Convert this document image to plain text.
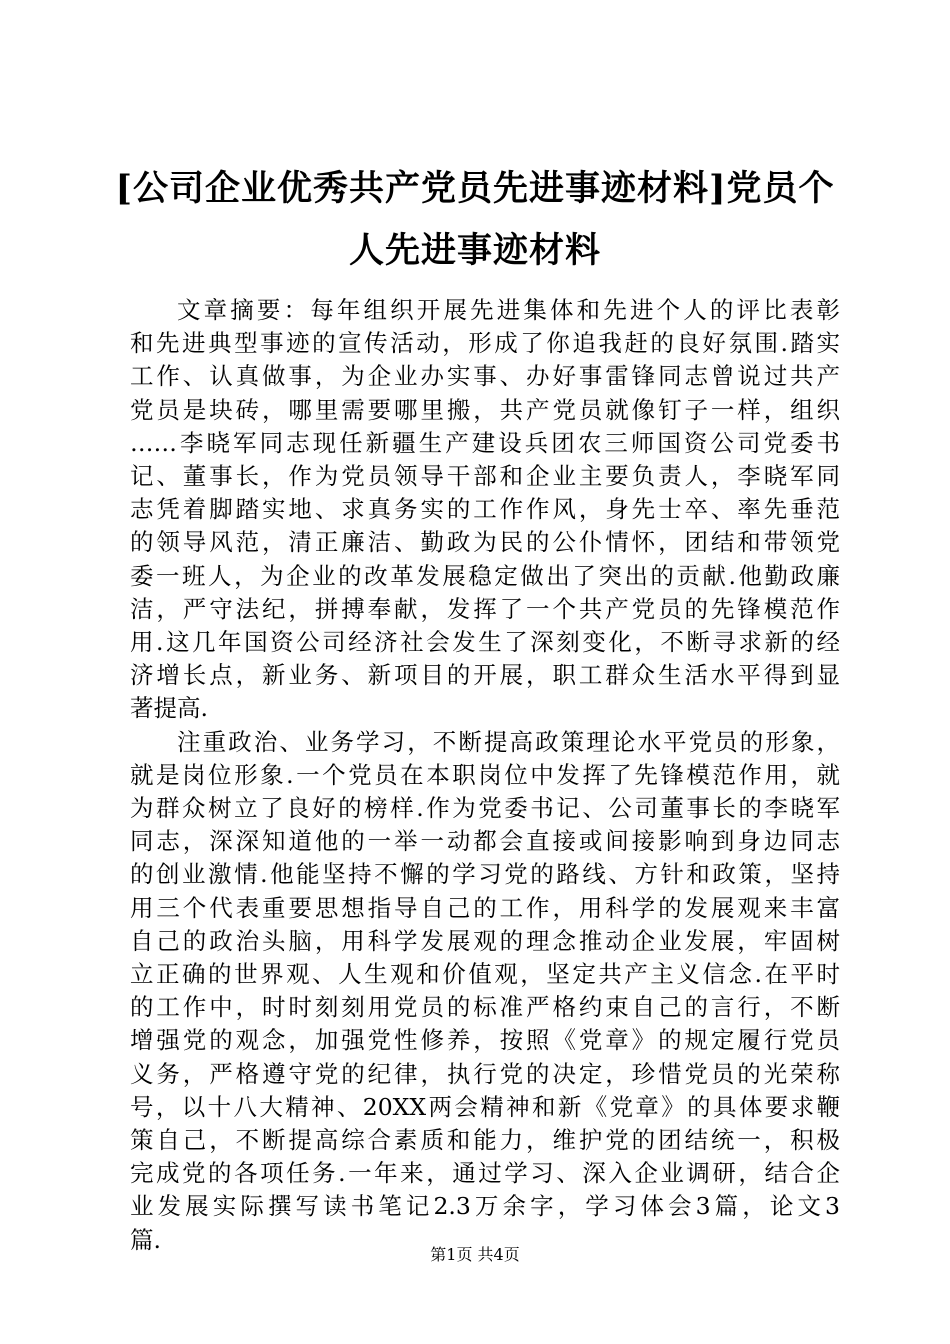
[公司企业优秀共产党员先进事迹材料]党员个
人先进事迹材料
文章摘要：每年组织开展先进集体和先进个人的评比表彰
和先进典型事迹的宣传活动，形成了你追我赶的良好氛围.踏实
工作、认真做事，为企业办实事、办好事雷锋同志曾说过共产
党员是块砖，哪里需要哪里搬，共产党员就像钉子一样，组织
……李晓军同志现任新疆生产建设兵团农三师国资公司党委书
记、董事长，作为党员领导干部和企业主要负责人，李晓军同
志凭着脚踏实地、求真务实的工作作风，身先士卒、率先垂范
的领导风范，清正廉洁、勤政为民的公仆情怀，团结和带领党
委一班人，为企业的改革发展稳定做出了突出的贡献.他勤政廉
洁，严守法纪，拼搏奉献，发挥了一个共产党员的先锋模范作
用.这几年国资公司经济社会发生了深刻变化，不断寻求新的经
济增长点，新业务、新项目的开展，职工群众生活水平得到显
著提高.
注重政治、业务学习，不断提高政策理论水平党员的形象，
就是岗位形象.一个党员在本职岗位中发挥了先锋模范作用，就
为群众树立了良好的榜样.作为党委书记、公司董事长的李晓军
同志，深深知道他的一举一动都会直接或间接影响到身边同志
的创业激情.他能坚持不懈的学习党的路线、方针和政策，坚持
用三个代表重要思想指导自己的工作，用科学的发展观来丰富
自己的政治头脑，用科学发展观的理念推动企业发展，牢固树
立正确的世界观、人生观和价值观，坚定共产主义信念.在平时
的工作中，时时刻刻用党员的标准严格约束自己的言行，不断
增强党的观念，加强党性修养，按照《党章》的规定履行党员
义务，严格遵守党的纪律，执行党的决定，珍惜党员的光荣称
号，以十八大精神、20XX两会精神和新《党章》的具体要求鞭
策自己，不断提高综合素质和能力，维护党的团结统一，积极
完成党的各项任务.一年来，通过学习、深入企业调研，结合企
业发展实际撰写读书笔记2.3万余字，学习体会3篇，论文3
篇.
第1页 共4页
